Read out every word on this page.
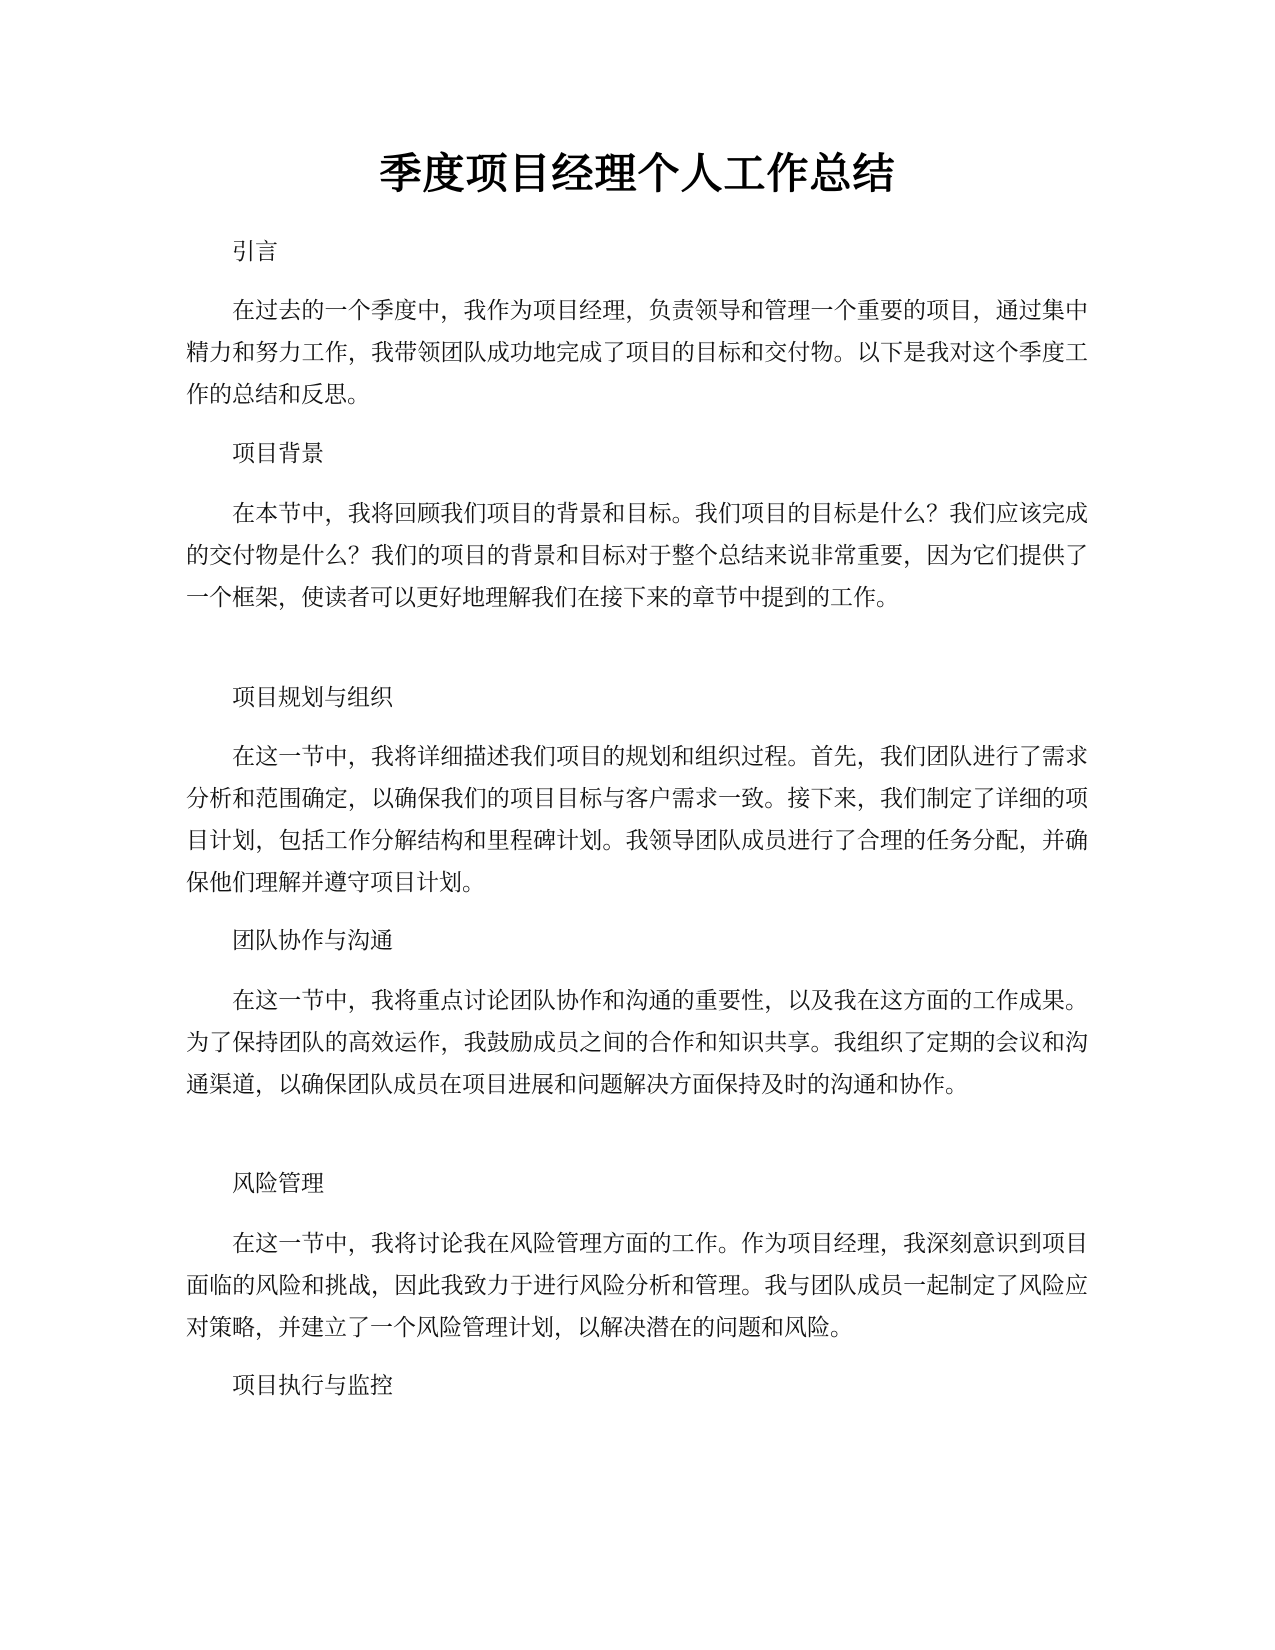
季度项目经理个人工作总结

引言

在过去的一个季度中，我作为项目经理，负责领导和管理一个重要的项目，通过集中精力和努力工作，我带领团队成功地完成了项目的目标和交付物。以下是我对这个季度工作的总结和反思。

项目背景

在本节中，我将回顾我们项目的背景和目标。我们项目的目标是什么？我们应该完成的交付物是什么？我们的项目的背景和目标对于整个总结来说非常重要，因为它们提供了一个框架，使读者可以更好地理解我们在接下来的章节中提到的工作。

项目规划与组织

在这一节中，我将详细描述我们项目的规划和组织过程。首先，我们团队进行了需求分析和范围确定，以确保我们的项目目标与客户需求一致。接下来，我们制定了详细的项目计划，包括工作分解结构和里程碑计划。我领导团队成员进行了合理的任务分配，并确保他们理解并遵守项目计划。

团队协作与沟通

在这一节中，我将重点讨论团队协作和沟通的重要性，以及我在这方面的工作成果。为了保持团队的高效运作，我鼓励成员之间的合作和知识共享。我组织了定期的会议和沟通渠道，以确保团队成员在项目进展和问题解决方面保持及时的沟通和协作。

风险管理

在这一节中，我将讨论我在风险管理方面的工作。作为项目经理，我深刻意识到项目面临的风险和挑战，因此我致力于进行风险分析和管理。我与团队成员一起制定了风险应对策略，并建立了一个风险管理计划，以解决潜在的问题和风险。

项目执行与监控
